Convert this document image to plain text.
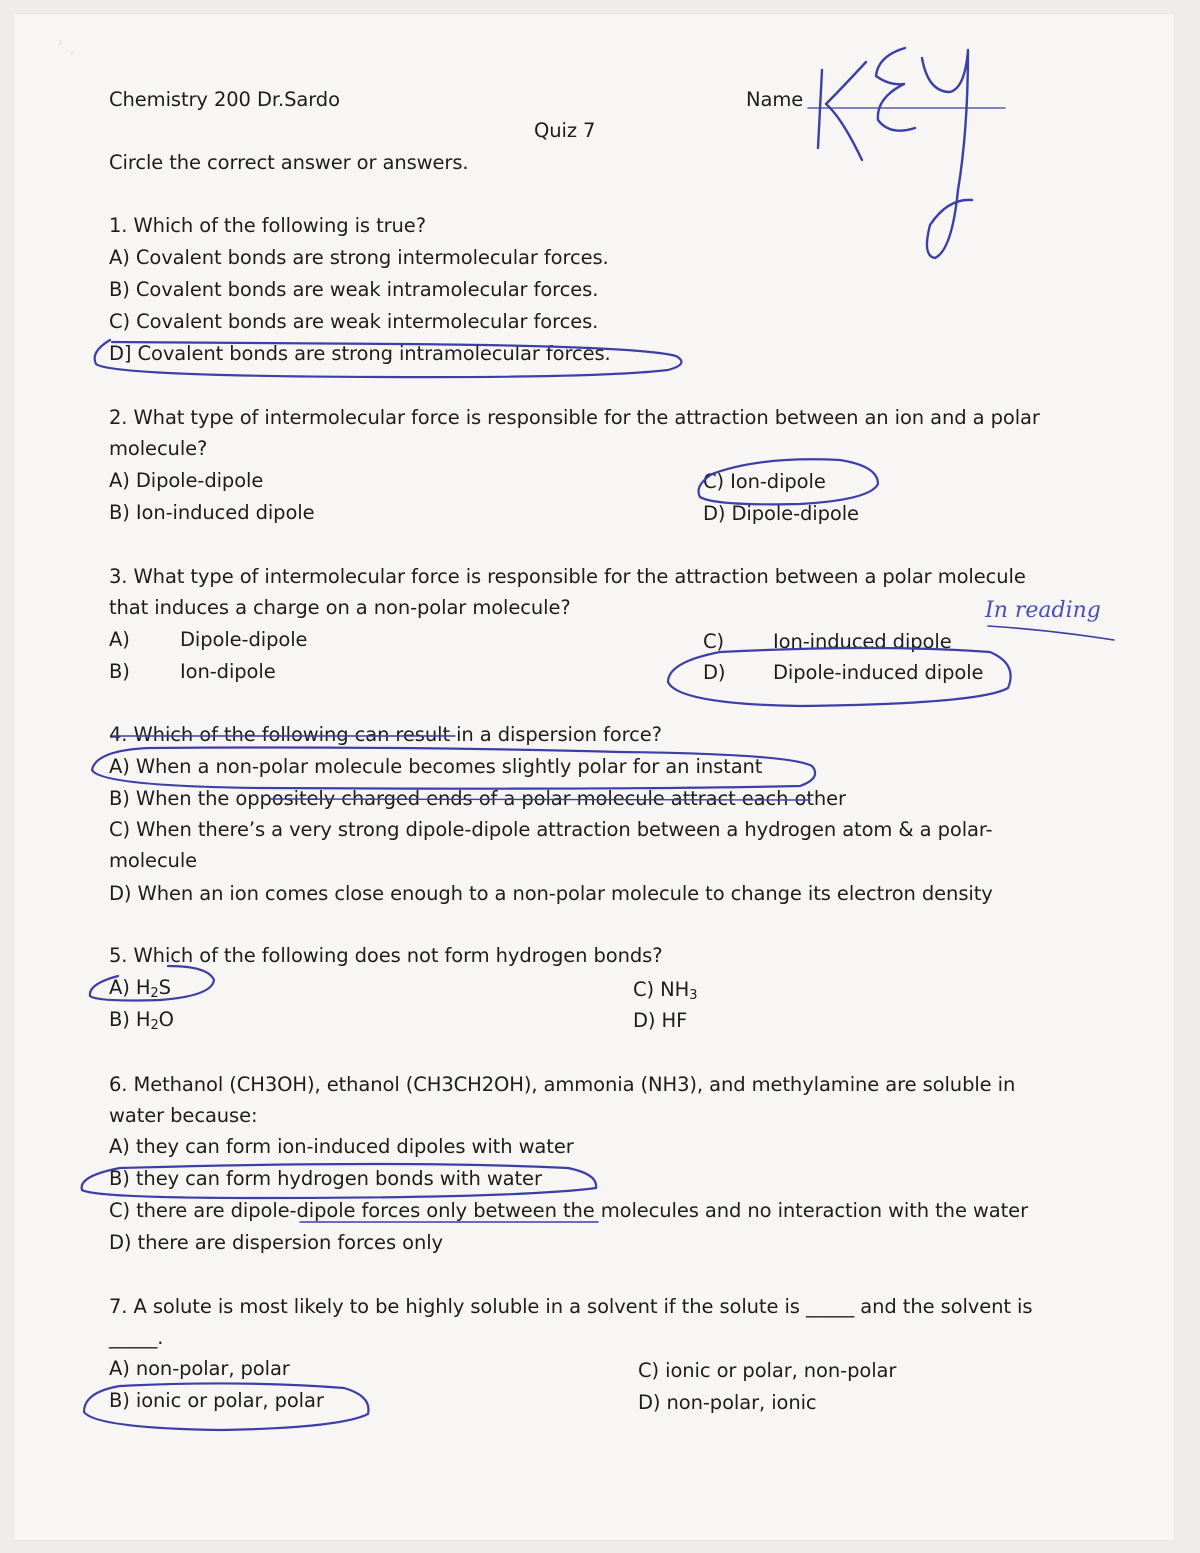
ʾ .
Chemistry 200 Dr.Sardo	Name
Quiz 7
Circle the correct answer or answers.
1. Which of the following is true?
A) Covalent bonds are strong intermolecular forces.
B) Covalent bonds are weak intramolecular forces.
C) Covalent bonds are weak intermolecular forces.
D] Covalent bonds are strong intramolecular forces.
2. What type of intermolecular force is responsible for the attraction between an ion and a polar
molecule?
A) Dipole-dipole
B) Ion-induced dipole
C) Ion-dipole
D) Dipole-dipole
3. What type of intermolecular force is responsible for the attraction between a polar molecule
that induces a charge on a non-polar molecule?
A)	Dipole-dipole
B)	Ion-dipole
C)	Ion-induced dipole
D) Dipole-induced dipole
In reading
4. Which of the following can result in a dispersion force?
A) When a non-polar molecule becomes slightly polar for an instant
B) When the oppositely charged ends of a polar molecule attract each other
C) When there’s a very strong dipole-dipole attraction between a hydrogen atom & a polar-
molecule
D) When an ion comes close enough to a non-polar molecule to change its electron density
5. Which of the following does not form hydrogen bonds?
A) $H_2S$
B) $H_2O$
C) $NH_3$
D) HF
6. Methanol (CH3OH), ethanol (CH3CH2OH), ammonia (NH3), and methylamine are soluble in
water because:
A) they can form ion-induced dipoles with water
B) they can form hydrogen bonds with water
C) there are dipole-dipole forces only between the molecules and no interaction with the water
D) there are dispersion forces only
7. A solute is most likely to be highly soluble in a solvent if the solute is _____ and the solvent is
_____.
A) non-polar, polar
B) ionic or polar, polar
C) ionic or polar, non-polar
D) non-polar, ionic
